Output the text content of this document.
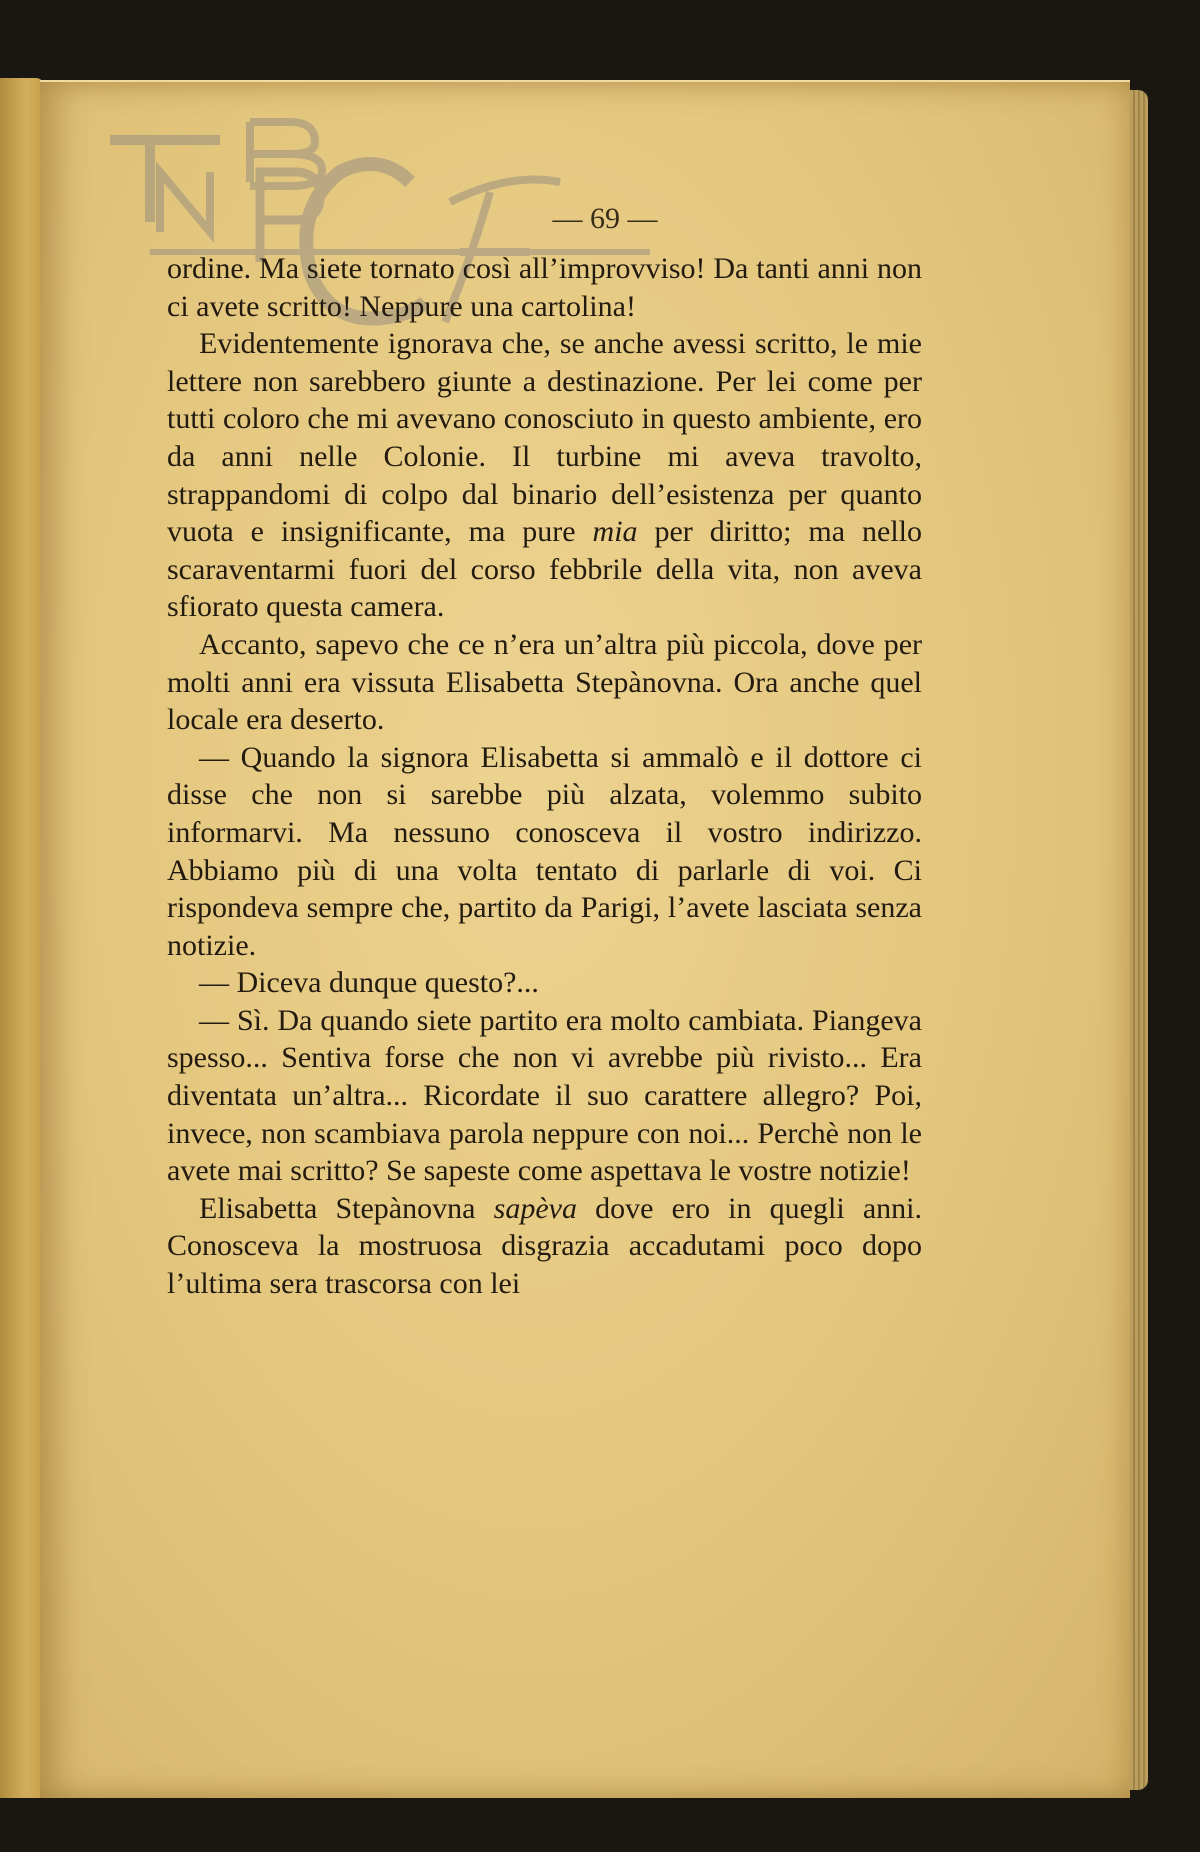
— 69 —

ordine. Ma siete tornato così all’improvviso! Da tanti anni non ci avete scritto! Neppure una cartolina!

Evidentemente ignorava che, se anche avessi scritto, le mie lettere non sarebbero giunte a destinazione. Per lei come per tutti coloro che mi avevano conosciuto in questo ambiente, ero da anni nelle Colonie. Il turbine mi aveva travolto, strappandomi di colpo dal binario dell’esistenza per quanto vuota e insignificante, ma pure mia per diritto; ma nello scaraventarmi fuori del corso febbrile della vita, non aveva sfiorato questa camera.

Accanto, sapevo che ce n’era un’altra più piccola, dove per molti anni era vissuta Elisabetta Stepànovna. Ora anche quel locale era deserto.

— Quando la signora Elisabetta si ammalò e il dottore ci disse che non si sarebbe più alzata, volemmo subito informarvi. Ma nessuno conosceva il vostro indirizzo. Abbiamo più di una volta tentato di parlarle di voi. Ci rispondeva sempre che, partito da Parigi, l’avete lasciata senza notizie.

— Diceva dunque questo?...

— Sì. Da quando siete partito era molto cambiata. Piangeva spesso... Sentiva forse che non vi avrebbe più rivisto... Era diventata un’altra... Ricordate il suo carattere allegro? Poi, invece, non scambiava parola neppure con noi... Perchè non le avete mai scritto? Se sapeste come aspettava le vostre notizie!

Elisabetta Stepànovna sapèva dove ero in quegli anni. Conosceva la mostruosa disgrazia accadutami poco dopo l’ultima sera trascorsa con lei
